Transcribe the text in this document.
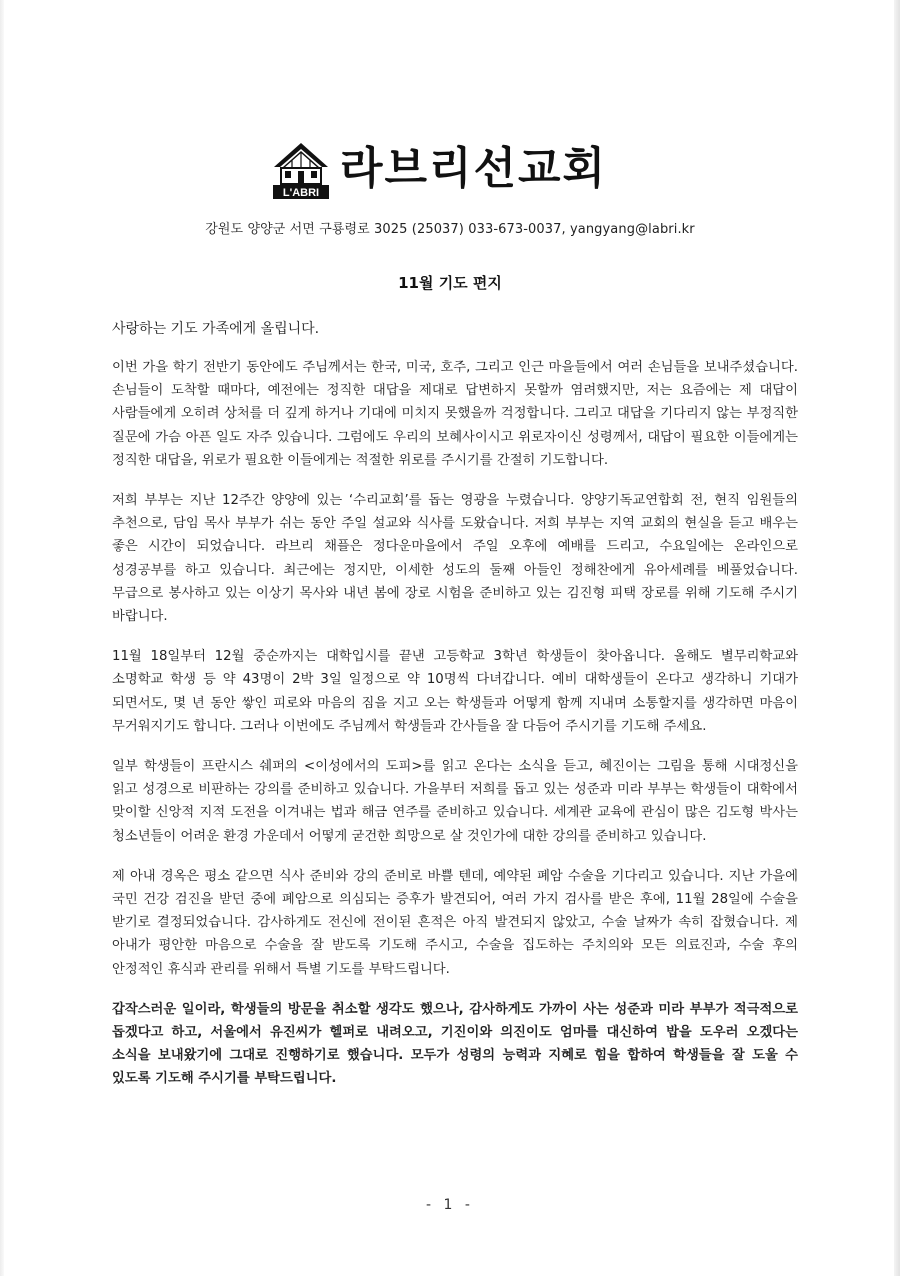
L'ABRI 라브리선교회
강원도 양양군 서면 구룡령로 3025 (25037) 033-673-0037, yangyang@labri.kr
11월 기도 편지

사랑하는 기도 가족에게 올립니다.

이번 가을 학기 전반기 동안에도 주님께서는 한국, 미국, 호주, 그리고 인근 마을들에서 여러 손님들을 보내주셨습니다. 손님들이 도착할 때마다, 예전에는 정직한 대답을 제대로 답변하지 못할까 염려했지만, 저는 요즘에는 제 대답이 사람들에게 오히려 상처를 더 깊게 하거나 기대에 미치지 못했을까 걱정합니다. 그리고 대답을 기다리지 않는 부정직한 질문에 가슴 아픈 일도 자주 있습니다. 그럼에도 우리의 보혜사이시고 위로자이신 성령께서, 대답이 필요한 이들에게는 정직한 대답을, 위로가 필요한 이들에게는 적절한 위로를 주시기를 간절히 기도합니다.

저희 부부는 지난 12주간 양양에 있는 ‘수리교회’를 돕는 영광을 누렸습니다. 양양기독교연합회 전, 현직 임원들의 추천으로, 담임 목사 부부가 쉬는 동안 주일 설교와 식사를 도왔습니다. 저희 부부는 지역 교회의 현실을 듣고 배우는 좋은 시간이 되었습니다. 라브리 채플은 정다운마을에서 주일 오후에 예배를 드리고, 수요일에는 온라인으로 성경공부를 하고 있습니다. 최근에는 정지만, 이세한 성도의 둘째 아들인 정해찬에게 유아세례를 베풀었습니다. 무급으로 봉사하고 있는 이상기 목사와 내년 봄에 장로 시험을 준비하고 있는 김진형 피택 장로를 위해 기도해 주시기 바랍니다.

11월 18일부터 12월 중순까지는 대학입시를 끝낸 고등학교 3학년 학생들이 찾아옵니다. 올해도 별무리학교와 소명학교 학생 등 약 43명이 2박 3일 일정으로 약 10명씩 다녀갑니다. 예비 대학생들이 온다고 생각하니 기대가 되면서도, 몇 년 동안 쌓인 피로와 마음의 짐을 지고 오는 학생들과 어떻게 함께 지내며 소통할지를 생각하면 마음이 무거워지기도 합니다. 그러나 이번에도 주님께서 학생들과 간사들을 잘 다듬어 주시기를 기도해 주세요.

일부 학생들이 프란시스 쉐퍼의 <이성에서의 도피>를 읽고 온다는 소식을 듣고, 혜진이는 그림을 통해 시대정신을 읽고 성경으로 비판하는 강의를 준비하고 있습니다. 가을부터 저희를 돕고 있는 성준과 미라 부부는 학생들이 대학에서 맞이할 신앙적 지적 도전을 이겨내는 법과 해금 연주를 준비하고 있습니다. 세계관 교육에 관심이 많은 김도형 박사는 청소년들이 어려운 환경 가운데서 어떻게 굳건한 희망으로 살 것인가에 대한 강의를 준비하고 있습니다.

제 아내 경옥은 평소 같으면 식사 준비와 강의 준비로 바쁠 텐데, 예약된 폐암 수술을 기다리고 있습니다. 지난 가을에 국민 건강 검진을 받던 중에 폐암으로 의심되는 증후가 발견되어, 여러 가지 검사를 받은 후에, 11월 28일에 수술을 받기로 결정되었습니다. 감사하게도 전신에 전이된 흔적은 아직 발견되지 않았고, 수술 날짜가 속히 잡혔습니다. 제 아내가 평안한 마음으로 수술을 잘 받도록 기도해 주시고, 수술을 집도하는 주치의와 모든 의료진과, 수술 후의 안정적인 휴식과 관리를 위해서 특별 기도를 부탁드립니다.

갑작스러운 일이라, 학생들의 방문을 취소할 생각도 했으나, 감사하게도 가까이 사는 성준과 미라 부부가 적극적으로 돕겠다고 하고, 서울에서 유진씨가 헬퍼로 내려오고, 기진이와 의진이도 엄마를 대신하여 밥을 도우러 오겠다는 소식을 보내왔기에 그대로 진행하기로 했습니다. 모두가 성령의 능력과 지혜로 힘을 합하여 학생들을 잘 도울 수 있도록 기도해 주시기를 부탁드립니다.

- 1 -
